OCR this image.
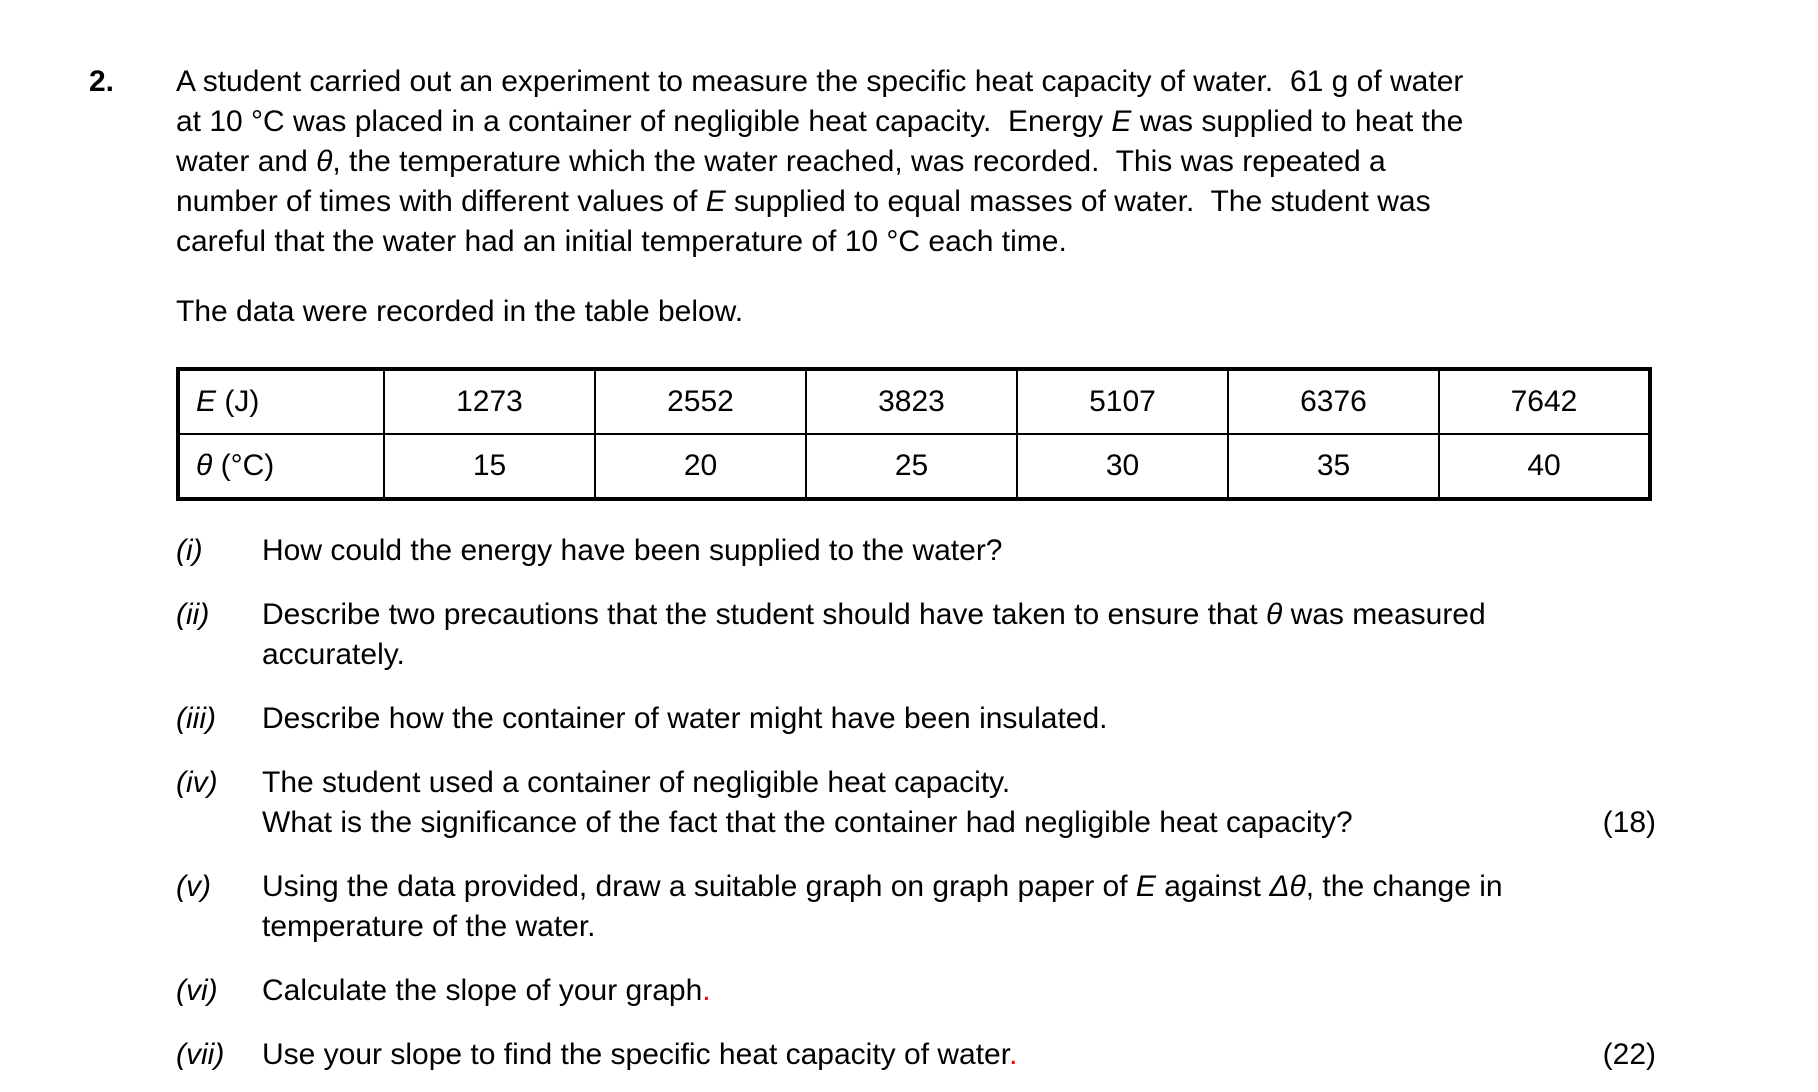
2.	A student carried out an experiment to measure the specific heat capacity of water.  61 g of water
at 10 °C was placed in a container of negligible heat capacity.  Energy E was supplied to heat the
water and θ, the temperature which the water reached, was recorded.  This was repeated a
number of times with different values of E supplied to equal masses of water.  The student was
careful that the water had an initial temperature of 10 °C each time.
The data were recorded in the table below.
E (J)	1273	2552	3823	5107	6376	7642
θ (°C)	15	20	25	30	35	40
(i)	How could the energy have been supplied to the water?
(ii)	Describe two precautions that the student should have taken to ensure that θ was measured
accurately.
(iii)	Describe how the container of water might have been insulated.
(iv)	The student used a container of negligible heat capacity.
What is the significance of the fact that the container had negligible heat capacity?	(18)
(v)	Using the data provided, draw a suitable graph on graph paper of E against Δθ, the change in
temperature of the water.
(vi)	Calculate the slope of your graph.
(vii)	Use your slope to find the specific heat capacity of water.	(22)
